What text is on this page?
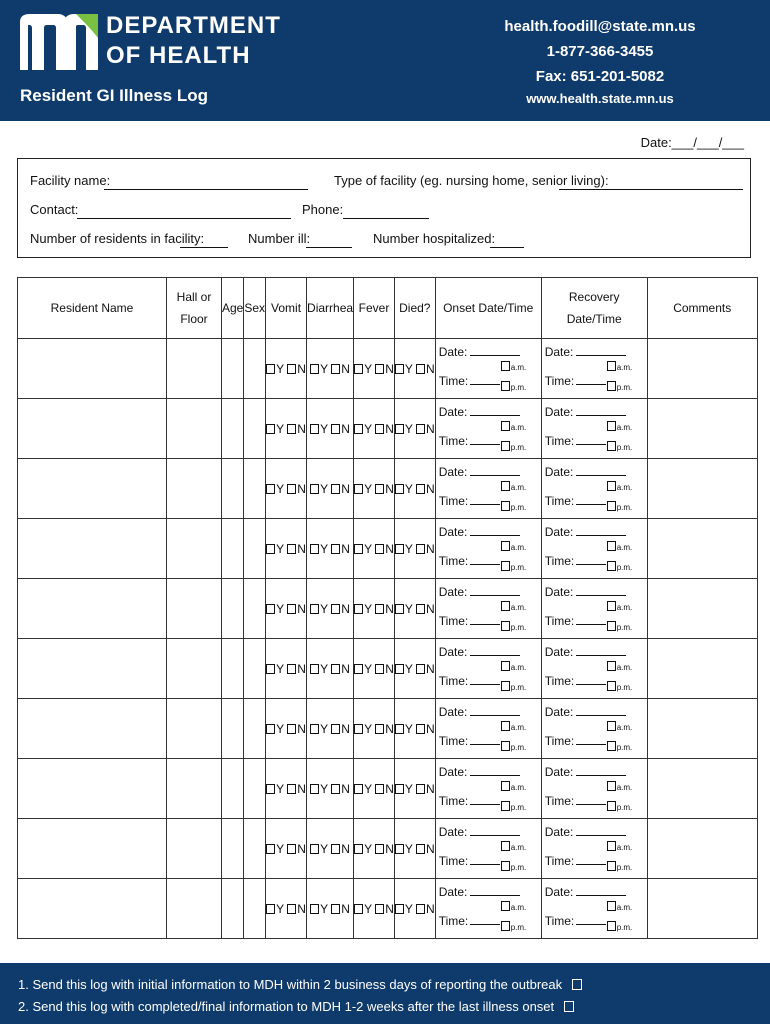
DEPARTMENT
OF HEALTH
Resident GI Illness Log
health.foodill@state.mn.us
1-877-366-3455
Fax: 651-201-5082
www.health.state.mn.us
Date:___/___/___
Facility name:	Type of facility (eg. nursing home, senior living):
Contact:	Phone:
Number of residents in facility:	Number ill:	Number hospitalized:
Resident Name	Hall or Floor	Age	Sex	Vomit	Diarrhea	Fever	Died?	Onset Date/Time	Recovery Date/Time	Comments
				Y N	Y N	Y N	Y N	Date:
a.m.
Time: p.m.	Date:
a.m.
Time: p.m.	

				Y N	Y N	Y N	Y N	Date:
a.m.
Time: p.m.	Date:
a.m.
Time: p.m.	

				Y N	Y N	Y N	Y N	Date:
a.m.
Time: p.m.	Date:
a.m.
Time: p.m.	

				Y N	Y N	Y N	Y N	Date:
a.m.
Time: p.m.	Date:
a.m.
Time: p.m.	

				Y N	Y N	Y N	Y N	Date:
a.m.
Time: p.m.	Date:
a.m.
Time: p.m.	

				Y N	Y N	Y N	Y N	Date:
a.m.
Time: p.m.	Date:
a.m.
Time: p.m.	

				Y N	Y N	Y N	Y N	Date:
a.m.
Time: p.m.	Date:
a.m.
Time: p.m.	

				Y N	Y N	Y N	Y N	Date:
a.m.
Time: p.m.	Date:
a.m.
Time: p.m.	

				Y N	Y N	Y N	Y N	Date:
a.m.
Time: p.m.	Date:
a.m.
Time: p.m.	

				Y N	Y N	Y N	Y N	Date:
a.m.
Time: p.m.	Date:
a.m.
Time: p.m.	

1. Send this log with initial information to MDH within 2 business days of reporting the outbreak
2. Send this log with completed/final information to MDH 1-2 weeks after the last illness onset
